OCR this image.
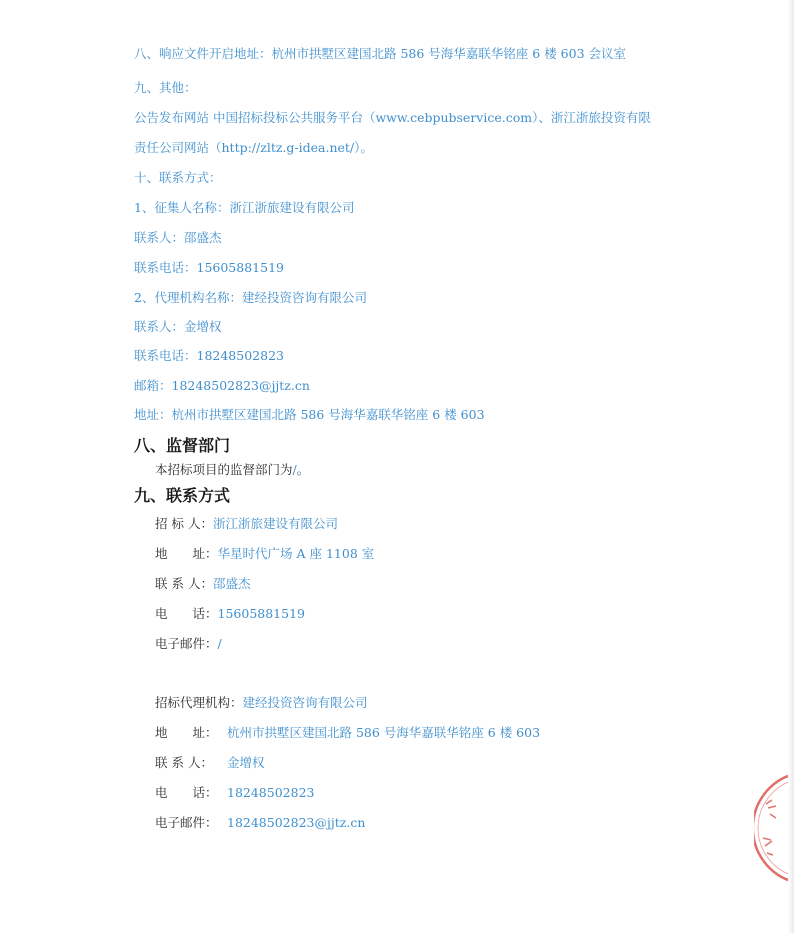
八、响应文件开启地址：杭州市拱墅区建国北路 586 号海华嘉联华铭座 6 楼 603 会议室
九、其他：
公告发布网站 中国招标投标公共服务平台（www.cebpubservice.com）、浙江浙旅投资有限
责任公司网站（http://zltz.g-idea.net/）。
十、联系方式：
1、征集人名称：浙江浙旅建设有限公司
联系人：邵盛杰
联系电话：15605881519
2、代理机构名称：建经投资咨询有限公司
联系人：金增权
联系电话：18248502823
邮箱：18248502823@jjtz.cn
地址：杭州市拱墅区建国北路 586 号海华嘉联华铭座 6 楼 603
八、监督部门
本招标项目的监督部门为/。
九、联系方式
招 标 人：浙江浙旅建设有限公司
地　　址：华星时代广场 A 座 1108 室
联 系 人：邵盛杰
电　　话：15605881519
电子邮件：/
招标代理机构：建经投资咨询有限公司
地　　址： 杭州市拱墅区建国北路 586 号海华嘉联华铭座 6 楼 603
联 系 人： 金增权
电　　话： 18248502823
电子邮件： 18248502823@jjtz.cn
